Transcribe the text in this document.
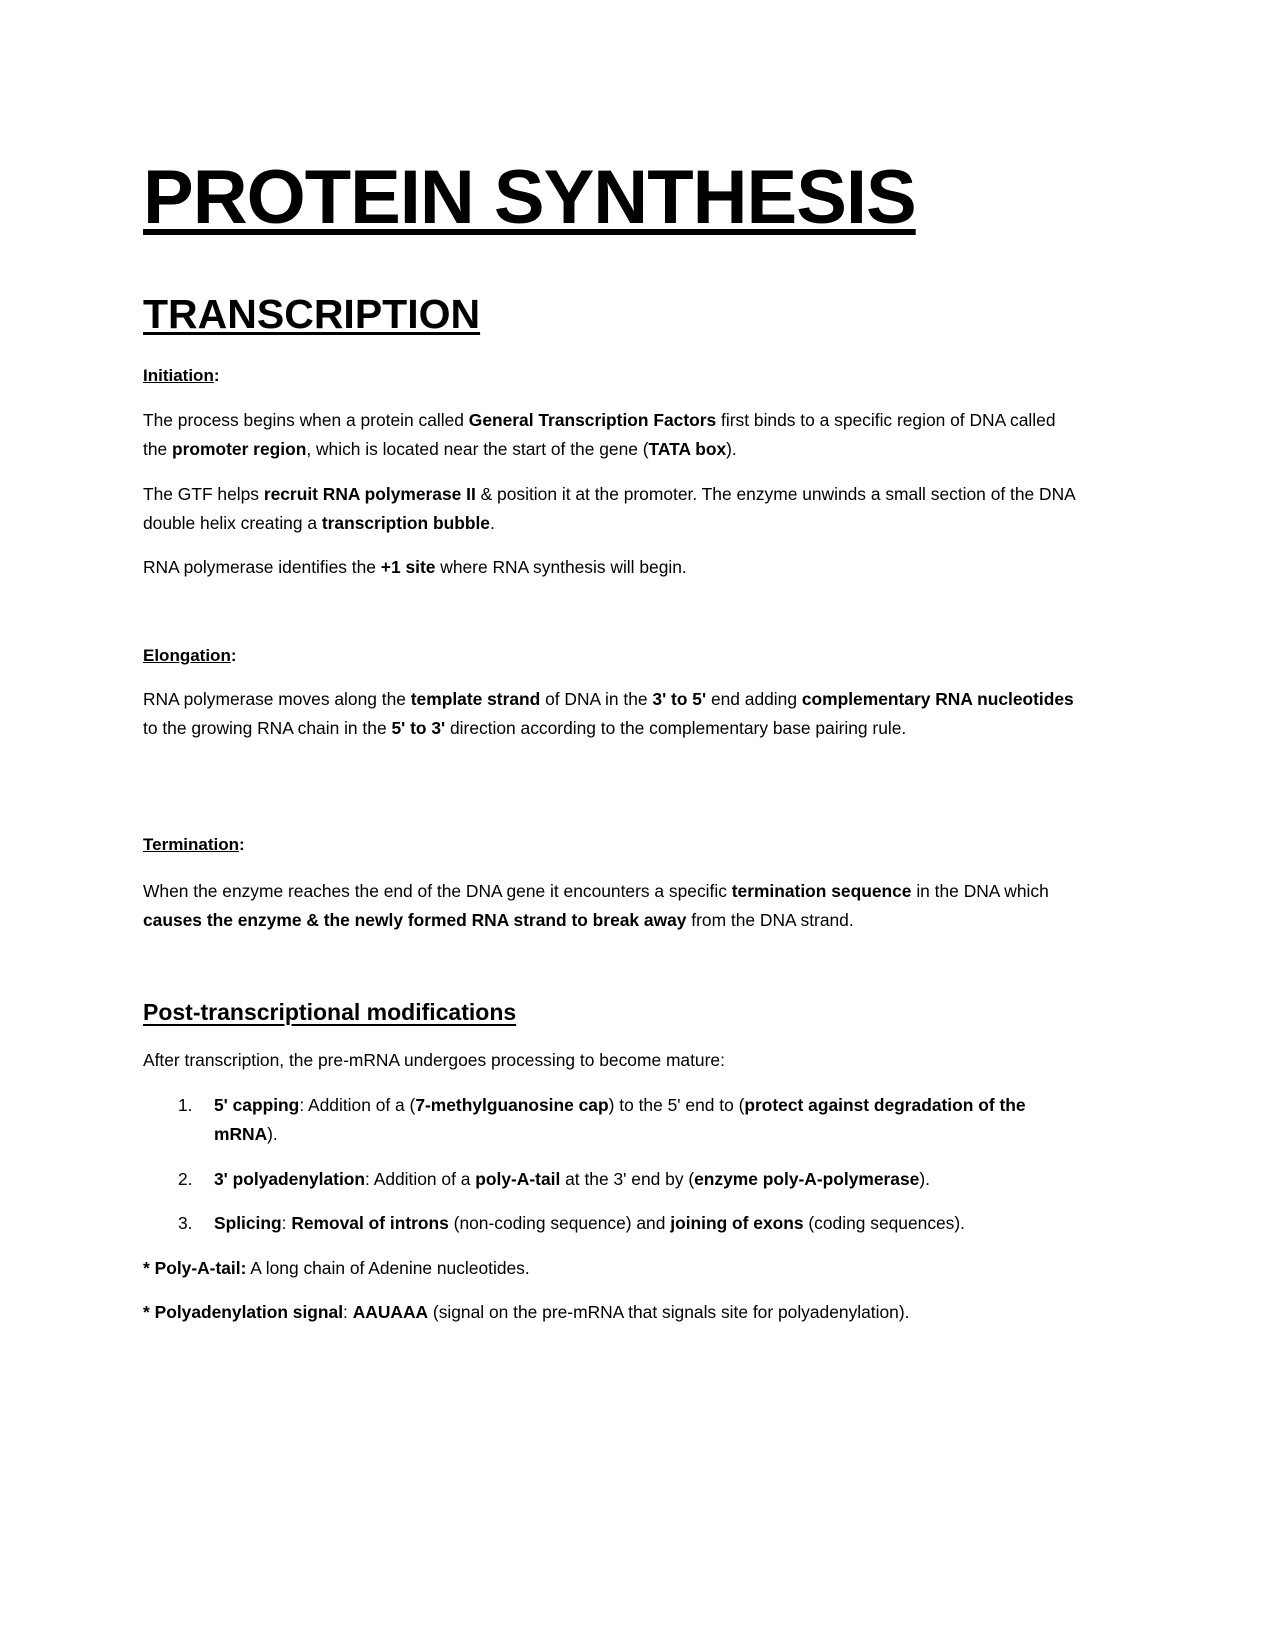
PROTEIN SYNTHESIS
TRANSCRIPTION
Initiation:

The process begins when a protein called General Transcription Factors first binds to a specific region of DNA called the promoter region, which is located near the start of the gene (TATA box).

The GTF helps recruit RNA polymerase II & position it at the promoter. The enzyme unwinds a small section of the DNA double helix creating a transcription bubble.

RNA polymerase identifies the +1 site where RNA synthesis will begin.

Elongation:

RNA polymerase moves along the template strand of DNA in the 3' to 5' end adding complementary RNA nucleotides to the growing RNA chain in the 5' to 3' direction according to the complementary base pairing rule.

Termination:

When the enzyme reaches the end of the DNA gene it encounters a specific termination sequence in the DNA which causes the enzyme & the newly formed RNA strand to break away from the DNA strand.

Post-transcriptional modifications

After transcription, the pre-mRNA undergoes processing to become mature:

1. 5' capping: Addition of a (7-methylguanosine cap) to the 5' end to (protect against degradation of the mRNA).
2. 3' polyadenylation: Addition of a poly-A-tail at the 3' end by (enzyme poly-A-polymerase).
3. Splicing: Removal of introns (non-coding sequence) and joining of exons (coding sequences).

* Poly-A-tail: A long chain of Adenine nucleotides.

* Polyadenylation signal: AAUAAA (signal on the pre-mRNA that signals site for polyadenylation).
